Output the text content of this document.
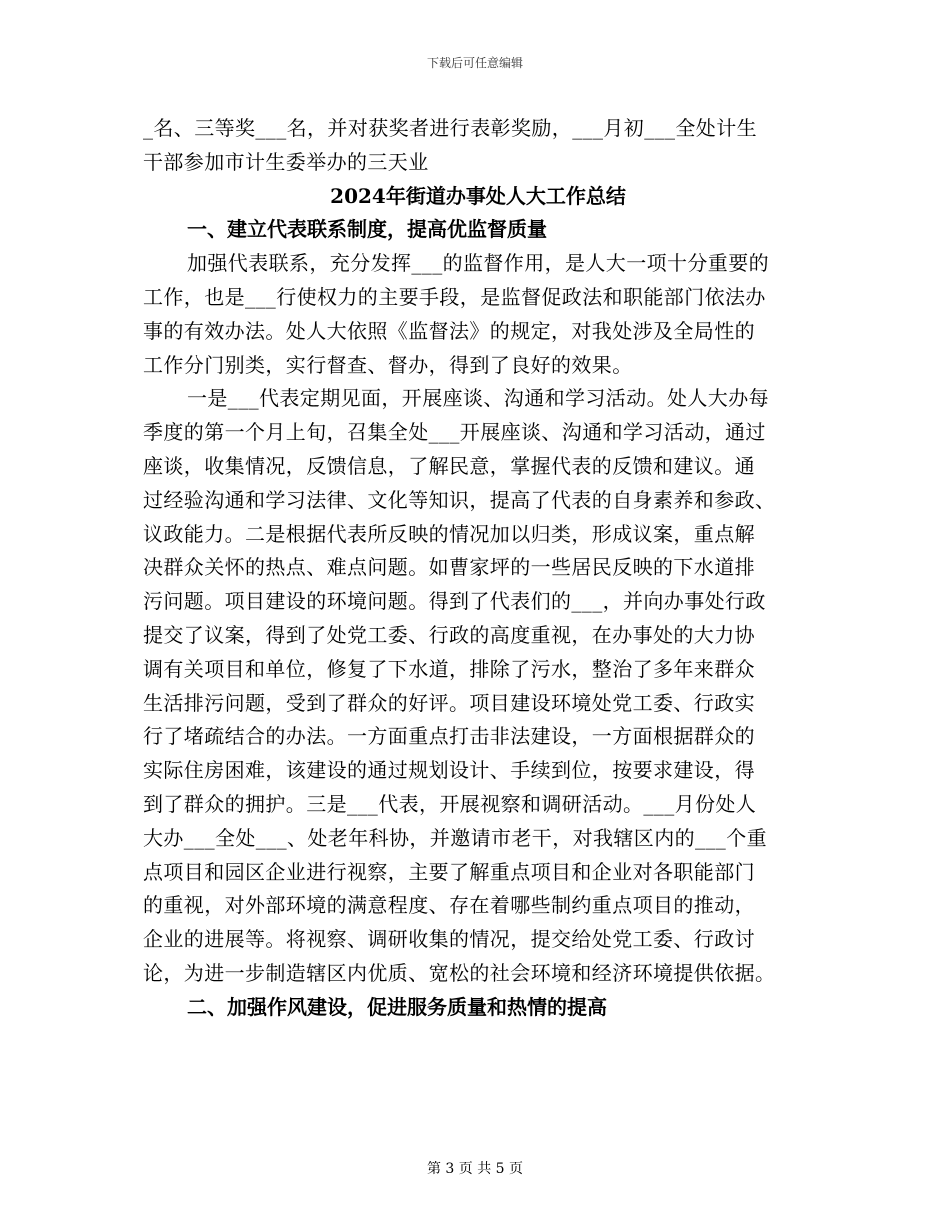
下载后可任意编辑
_名、三等奖___名，并对获奖者进行表彰奖励，___月初___全处计生
干部参加市计生委举办的三天业
2024年街道办事处人大工作总结
一、建立代表联系制度，提高优监督质量
加强代表联系，充分发挥___的监督作用，是人大一项十分重要的
工作，也是___行使权力的主要手段，是监督促政法和职能部门依法办
事的有效办法。处人大依照《监督法》的规定，对我处涉及全局性的
工作分门别类，实行督查、督办，得到了良好的效果。
一是___代表定期见面，开展座谈、沟通和学习活动。处人大办每
季度的第一个月上旬，召集全处___开展座谈、沟通和学习活动，通过
座谈，收集情况，反馈信息，了解民意，掌握代表的反馈和建议。通
过经验沟通和学习法律、文化等知识，提高了代表的自身素养和参政、
议政能力。二是根据代表所反映的情况加以归类，形成议案，重点解
决群众关怀的热点、难点问题。如曹家坪的一些居民反映的下水道排
污问题。项目建设的环境问题。得到了代表们的___，并向办事处行政
提交了议案，得到了处党工委、行政的高度重视，在办事处的大力协
调有关项目和单位，修复了下水道，排除了污水，整治了多年来群众
生活排污问题，受到了群众的好评。项目建设环境处党工委、行政实
行了堵疏结合的办法。一方面重点打击非法建设，一方面根据群众的
实际住房困难，该建设的通过规划设计、手续到位，按要求建设，得
到了群众的拥护。三是___代表，开展视察和调研活动。___月份处人
大办___全处___、处老年科协，并邀请市老干，对我辖区内的___个重
点项目和园区企业进行视察，主要了解重点项目和企业对各职能部门
的重视，对外部环境的满意程度、存在着哪些制约重点项目的推动，
企业的进展等。将视察、调研收集的情况，提交给处党工委、行政讨
论，为进一步制造辖区内优质、宽松的社会环境和经济环境提供依据。
二、加强作风建设，促进服务质量和热情的提高
第 3 页 共 5 页
